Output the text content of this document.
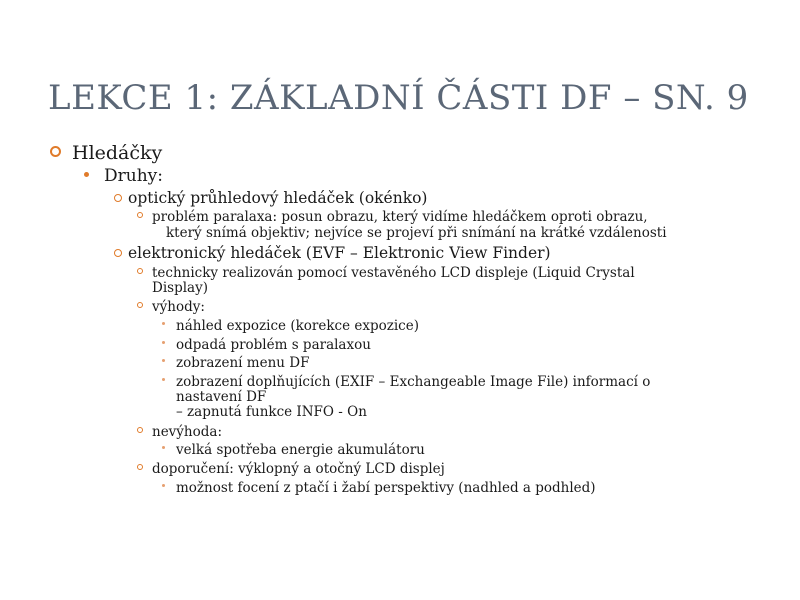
LEKCE 1: ZÁKLADNÍ ČÁSTI DF – SN. 9
Hledáčky
Druhy:
optický průhledový hledáček (okénko)
problém paralaxa: posun obrazu, který vidíme hledáčkem oproti obrazu,
který snímá objektiv; nejvíce se projeví při snímání na krátké vzdálenosti
elektronický hledáček (EVF – Elektronic View Finder)
technicky realizován pomocí vestavěného LCD displeje (Liquid Crystal
Display)
výhody:
náhled expozice (korekce expozice)
odpadá problém s paralaxou
zobrazení menu DF
zobrazení doplňujících (EXIF – Exchangeable Image File) informací o
nastavení DF
– zapnutá funkce INFO - On
nevýhoda:
velká spotřeba energie akumulátoru
doporučení: výklopný a otočný LCD displej
možnost focení z ptačí i žabí perspektivy (nadhled a podhled)
